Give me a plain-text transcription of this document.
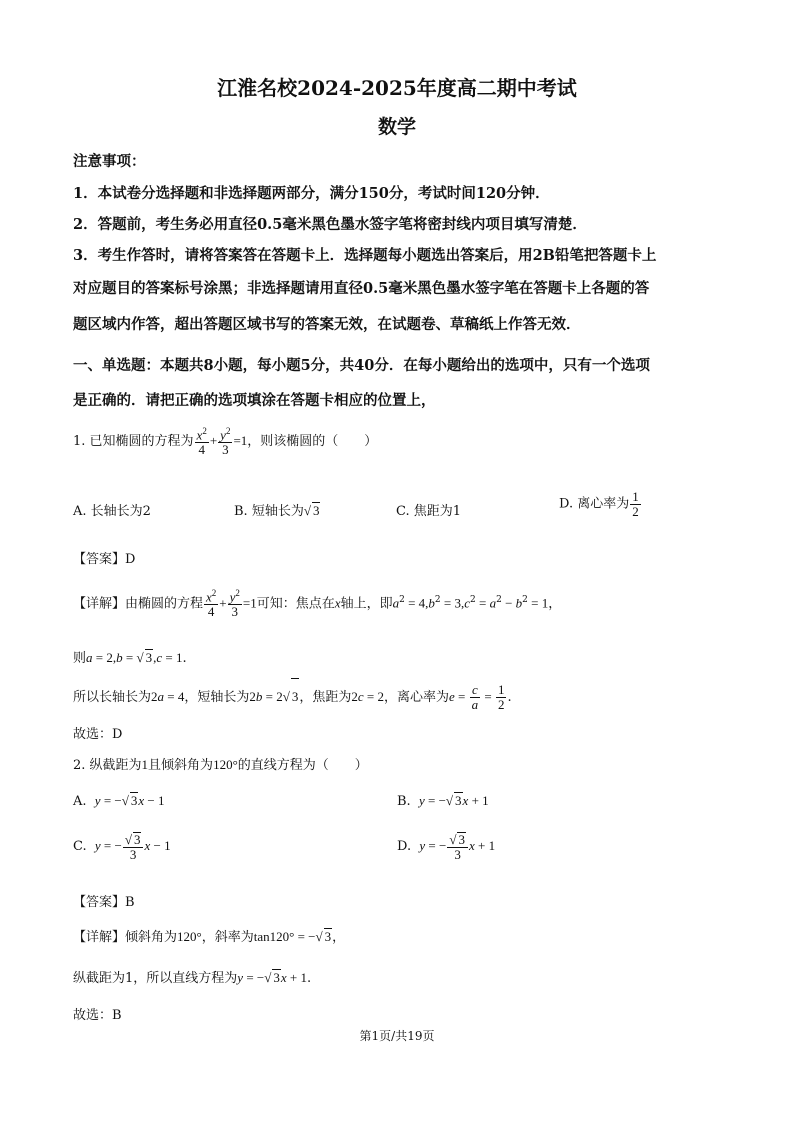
江淮名校2024-2025年度高二期中考试
数学
注意事项：
1．本试卷分选择题和非选择题两部分，满分150分，考试时间120分钟．
2．答题前，考生务必用直径0.5毫米黑色墨水签字笔将密封线内项目填写清楚．
3．考生作答时，请将答案答在答题卡上．选择题每小题选出答案后，用2B铅笔把答题卡上
对应题目的答案标号涂黑；非选择题请用直径0.5毫米黑色墨水签字笔在答题卡上各题的答
题区域内作答，超出答题区域书写的答案无效，在试题卷、草稿纸上作答无效．
一、单选题：本题共8小题，每小题5分，共40分．在每小题给出的选项中，只有一个选项
是正确的．请把正确的选项填涂在答题卡相应的位置上，
1. 已知椭圆的方程为 $\frac{x^2}{4} + \frac{y^2}{3} =1$，则该椭圆的（　　）
A. 长轴长为2	B. 短轴长为√ 3	C. 焦距为1	D. 离心率为 $\frac{1}{2}$
【答案】D
【详解】由椭圆的方程 $\frac{x^2}{4} + \frac{y^2}{3} =1$可知：焦点在x轴上，即$a^2 = 4,b^2 = 3,c^2 = a^2 - b^2 = 1$，
则a = 2,b = √ 3,c = 1.
所以长轴长为2a = 4，短轴长为2b = 2√ 3，焦距为2c = 2，离心率为$e = \frac{c}{a} = \frac{1}{2}$ .
故选：D
2. 纵截距为1且倾斜角为120°的直线方程为（　　）
A.  y = −√ 3x − 1	B.  y = −√ 3x + 1
C.  y = − $\frac{√ 3}{3}$ x − 1	D.  y = − $\frac{√ 3}{3}$ x + 1
【答案】B
【详解】倾斜角为120°，斜率为tan120° = −√ 3，
纵截距为1，所以直线方程为y = −√ 3x + 1.
故选：B
第1页/共19页
